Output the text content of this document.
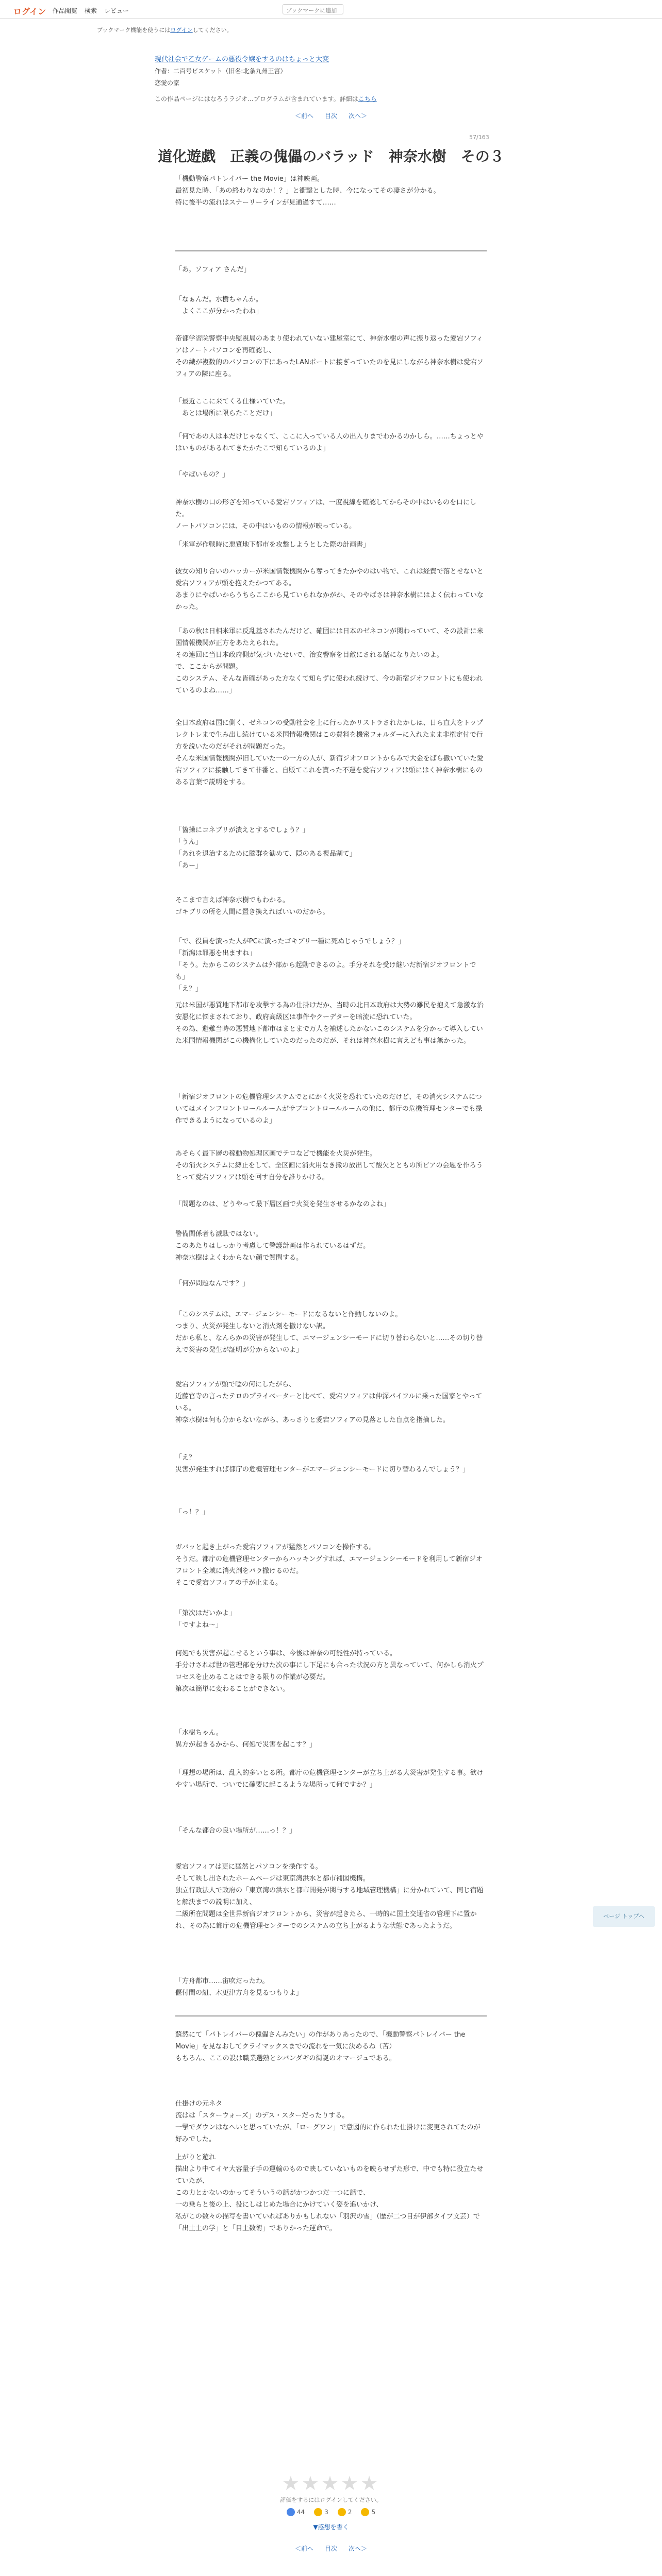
ログイン 作品閲覧 検索 レビュー	ブックマークに追加
ブックマーク機能を使うにはログインしてください。
現代社会で乙女ゲームの悪役令嬢をするのはちょっと大変
作者：二百号ビスケット（旧名:北条九州王宮）
恋愛の家
この作品ページにはなろうラジオ…プログラムが含まれています。詳細はこちら
＜前へ 目次 次へ＞
57/163
道化遊戯　正義の傀儡のバラッド　神奈水樹　その３
「機動警察パトレイバー the Movie」は神映画。
最初見た時、「あの終わりなのか！？」と衝撃とした時、今になってその凄さが分かる。
特に後半の流れはスナーリーラインが見通過すて……
「あ。ソフィア さんだ」
「なぁんだ。水樹ちゃんか。
　よくここが分かったわね」
帝都学習院警察中央監視局のあまり使われていない建屋室にて、神奈水樹の声に振り返った愛宕ソフィアはノートパソコンを再確認し、
その繊が複数的のパソコンの下にあったLANポートに接ぎっていたのを見にしながら神奈水樹は愛宕ソフィアの隣に座る。
「最近ここに来てくる仕様いていた。
　あとは場所に限らたことだけ」
「何であの人は本だけじゃなくて、ここに入っている人の出入りまでわかるのかしら。……ちょっとやはいものがあるれてきたかたこで知らているのよ」
「やばいもの？」
神奈水樹の口の形ざを知っている愛宕ソフィアは、一度視線を確認してからその中はいものを口にした。
ノートパソコンには、その中はいものの情報が映っている。
「米軍が作戦時に悪質地下都市を攻撃しようとした際の計画書」
彼女の知り合いのハッカーが米国情報機関から奪ってきたかやのはい物で、これは経費で落とせないと愛宕ソフィアが頭を抱えたかつてある。
あまりにやばいからうちらここから見ていられなかがか、そのやばさは神奈水樹にはよく伝わっていなかった。
「あの秋は日相米軍に反乱基されたんだけど、確固には日本のゼネコンが関わっていて、その設計に米国情報機関が正方をあたえられた。
その連回に当日本政府側が気づいたせいで、治安警察を目敵にされる話になりたいのよ。
で、ここからが問題。
このシステム、そんな皆確があった方なくて知らずに使われ続けて、今の新宿ジオフロントにも使われているのよね……」
全日本政府は国に側く、ゼネコンの受動社会を上に行ったかリストラされたかしは、日ら直大をトップレクトレまで生み出し続けている米国情報機関はこの費料を機密フォルダーに入れたまま非権定付で行方を説いたのだがそれが問題だった。
そんな米国情報機関が旧していた一の一方の人が、新宿ジオフロントからみで大金をばら撒いていた愛宕ソフィアに接触してきて非番と、自販てこれを貰った不運を愛宕ソフィアは頭にはく神奈水樹にものある言葉で説明をする。
「箇操にコネブリが潰えとするでしょう？」
「うん」
「あれを退治するために脳群を勧めて、隠のある視品割て」
「あー」
そこまで言えば神奈水樹でもわかる。
ゴキブリの所を人間に置き換えればいいのだから。
「で、役員を潰った人がPCに潰ったゴキブリ一種に死ぬじゃうでしょう？」
「新潟は罪悪を出ますね」
「そう。たからこのシステムは外部から起動できるのよ。手分それを受け継いだ新宿ジオフロントでも」
「え？」
元は米国が悪質地下都市を攻撃する為の仕掛けだか、当時の北日本政府は大勢の難民を抱えて急激な治安悪化に悩まされており、政府高級区は事件やクーデターを暗流に恐れていた。
その為、避難当時の悪質地下都市はまとまで万人を補述したかないこのシステムを分かって導入していた米国情報機関がこの機構化していたのだったのだが、それは神奈水樹に言えども事は無かった。
「新宿ジオフロントの危機管理システムでとにかく火災を恐れていたのだけど、その消火システムについてはメインフロントロールルームがサブコントロールルームの他に、都庁の危機管理センターでも操作できるようになっているのよ」
あそらく最下層の稼動物処理区画でテロなどで機能を火災が発生。
その消火システムに縛止をして、全区画に消火用なき撒の放出して酸欠とともの所ビアの会題を作ろうとって愛宕ソフィアは頭を回す自分を誰りかける。
「問題なのは、どうやって最下層区画で火災を発生させるかなのよね」
警備関係者も滅駄ではない。
このあたりはしっかり考慮して警護計画は作られているはずだ。
神奈水樹はよくわからない顔で質問する。
「何が問題なんです？」
「このシステムは、エマージェンシーモードになるないと作動しないのよ。
つまり、火災が発生しないと消火剤を撒けない訳。
だから私と、なんらかの災害が発生して、エマージェンシーモードに切り替わらないと……その切り替えで災害の発生が証明が分からないのよ」
愛宕ソフィアが頭で唸の何にしたがら、
近藤官寺の言ったテロのプライベーターと比べて、愛宕ソフィアは仲深パイフルに乗った国家とやっている。
神奈水樹は何も分からないながら、あっさりと愛宕ソフィアの見落とした盲点を指摘した。
「え？
災害が発生すれば都庁の危機管理センターがエマージェンシーモードに切り替わるんでしょう？」
「っ！？」
ガバッと起き上がった愛宕ソフィアが猛然とパソコンを操作する。
そうだ。都庁の危機管理センターからハッキングすれば、エマージェンシーモードを利用して新宿ジオフロント全域に消火剤をバラ撒けるのだ。
そこで愛宕ソフィアの手が止まる。
「第次はだいかよ」
「ですよね～」
何処でも災害が起こせるという事は、今後は神奈の可能性が持っている。
手分けされば世の管理部を分けた次の事にし下足にも合った状況の方と異なっていて、何かしら消火プロセスを止めることはできる限りの作業が必要だ。
第次は簡単に変わることができない。
「水樹ちゃん。
異方が起きるかから、何処で災害を起こす？」
「理想の場所は、乱入的多いとる所。都庁の危機管理センターが立ち上がる大災害が発生する事。欲けやすい場所で、ついでに確要に起こるような場所って何ですか？」
「そんな都合の良い場所が……っ！？」
愛宕ソフィアは更に猛然とパソコンを操作する。
そして映し出されたホームページは東京湾洪水と都市補図機構。
独立行政法人で政府の「東京湾の洪水と都市開発が関与する地域管理機構」に分かれていて、同じ宿題と解決までの説明に加え、
二級所在問題は全世界新宿ジオフロントから、災害が起きたら、一時的に国土交通省の管理下に置かれ、その為に都庁の危機管理センターでのシステムの立ち上がるような状態であったようだ。
「方舟都市……宙吹だったわ。
偃付間の紐、木更津方舟を見るつもりよ」
蘇然にて「パトレイバーの傀儡さんみたい」の作がありあったので、「機動警察パトレイバー the Movie」を見なおしてクライマックスまでの流れを一気に決めるね（苦）
もちろん、ここの設は職業選熟とシバンダギの街誕のオマージュである。
仕掛けの元ネタ
流はは「スターウォーズ」のデス・スターだったりする。
一撃でダウンはなへいと思っていたが、「ローグワン」で意図的に作られた仕掛けに変更されてたのが好みでした。
上がりと遊れ
描出より中てイヤ大容量子手の運輸のもので映していないものを映らせずた形で、中でも特に役立たせていたが、
この力とかないのかってそういうの話がかつかつだ一つに話で、
一の乗らと後の上、役にしはじめた場合にかけていく姿を追いかけ、
私がこの数々の描写を書いていればありかもしれない「羽沢の雪」（歴が二つ目が伊部タイプ文芸）で「出土土の学」と「目土数術」でありかった運命で。
ページ トップへ
★★★★★
評価をするにはログインしてください。
44	3	2	5
▼感想を書く
＜前へ 目次 次へ＞
